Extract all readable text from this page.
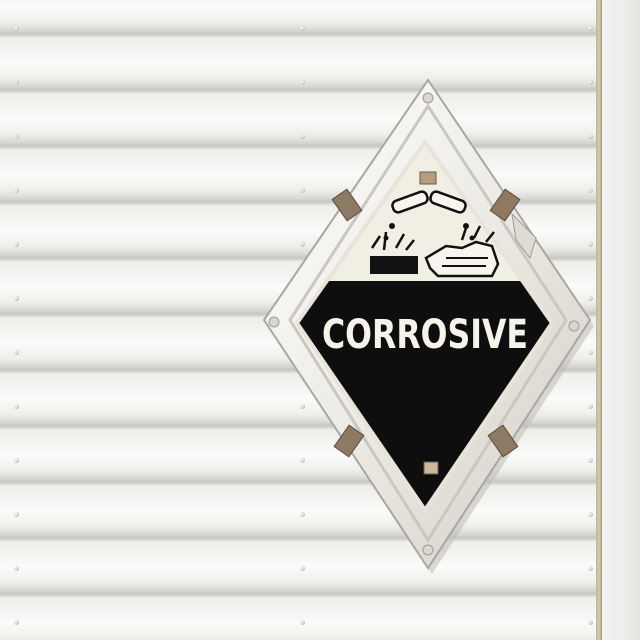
CORROSIVE
